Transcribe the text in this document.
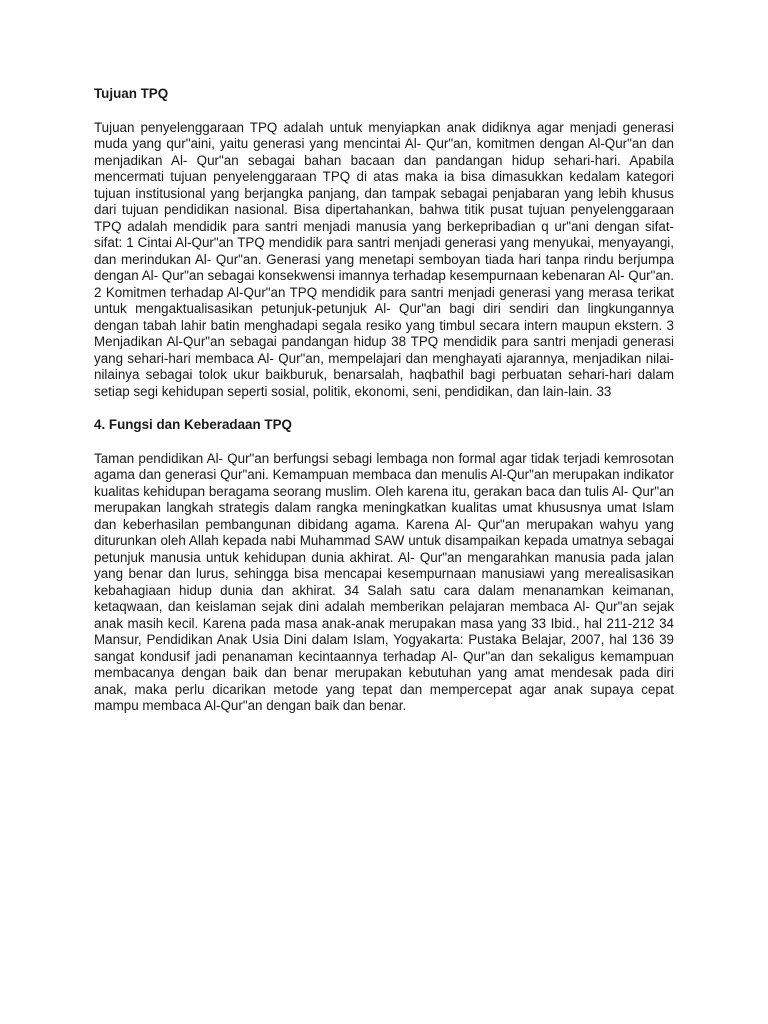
Tujuan TPQ

Tujuan penyelenggaraan TPQ adalah untuk menyiapkan anak didiknya agar menjadi generasi muda yang qur"aini, yaitu generasi yang mencintai Al- Qur"an, komitmen dengan Al-Qur"an dan menjadikan Al- Qur"an sebagai bahan bacaan dan pandangan hidup sehari-hari. Apabila mencermati tujuan penyelenggaraan TPQ di atas maka ia bisa dimasukkan kedalam kategori tujuan institusional yang berjangka panjang, dan tampak sebagai penjabaran yang lebih khusus dari tujuan pendidikan nasional. Bisa dipertahankan, bahwa titik pusat tujuan penyelenggaraan TPQ adalah mendidik para santri menjadi manusia yang berkepribadian q ur"ani dengan sifat-sifat: 1 Cintai Al-Qur"an TPQ mendidik para santri menjadi generasi yang menyukai, menyayangi, dan merindukan Al- Qur"an. Generasi yang menetapi semboyan tiada hari tanpa rindu berjumpa dengan Al- Qur"an sebagai konsekwensi imannya terhadap kesempurnaan kebenaran Al- Qur"an. 2 Komitmen terhadap Al-Qur"an TPQ mendidik para santri menjadi generasi yang merasa terikat untuk mengaktualisasikan petunjuk-petunjuk Al- Qur"an bagi diri sendiri dan lingkungannya dengan tabah lahir batin menghadapi segala resiko yang timbul secara intern maupun ekstern. 3 Menjadikan Al-Qur"an sebagai pandangan hidup 38 TPQ mendidik para santri menjadi generasi yang sehari-hari membaca Al- Qur"an, mempelajari dan menghayati ajarannya, menjadikan nilai-nilainya sebagai tolok ukur baikburuk, benarsalah, haqbathil bagi perbuatan sehari-hari dalam setiap segi kehidupan seperti sosial, politik, ekonomi, seni, pendidikan, dan lain-lain. 33

4. Fungsi dan Keberadaan TPQ

Taman pendidikan Al- Qur"an berfungsi sebagi lembaga non formal agar tidak terjadi kemrosotan agama dan generasi Qur"ani. Kemampuan membaca dan menulis Al-Qur"an merupakan indikator kualitas kehidupan beragama seorang muslim. Oleh karena itu, gerakan baca dan tulis Al- Qur"an merupakan langkah strategis dalam rangka meningkatkan kualitas umat khususnya umat Islam dan keberhasilan pembangunan dibidang agama. Karena Al- Qur"an merupakan wahyu yang diturunkan oleh Allah kepada nabi Muhammad SAW untuk disampaikan kepada umatnya sebagai petunjuk manusia untuk kehidupan dunia akhirat. Al- Qur"an mengarahkan manusia pada jalan yang benar dan lurus, sehingga bisa mencapai kesempurnaan manusiawi yang merealisasikan kebahagiaan hidup dunia dan akhirat. 34 Salah satu cara dalam menanamkan keimanan, ketaqwaan, dan keislaman sejak dini adalah memberikan pelajaran membaca Al- Qur"an sejak anak masih kecil. Karena pada masa anak-anak merupakan masa yang 33 Ibid., hal 211-212 34 Mansur, Pendidikan Anak Usia Dini dalam Islam, Yogyakarta: Pustaka Belajar, 2007, hal 136 39 sangat kondusif jadi penanaman kecintaannya terhadap Al- Qur"an dan sekaligus kemampuan membacanya dengan baik dan benar merupakan kebutuhan yang amat mendesak pada diri anak, maka perlu dicarikan metode yang tepat dan mempercepat agar anak supaya cepat mampu membaca Al-Qur"an dengan baik dan benar.
